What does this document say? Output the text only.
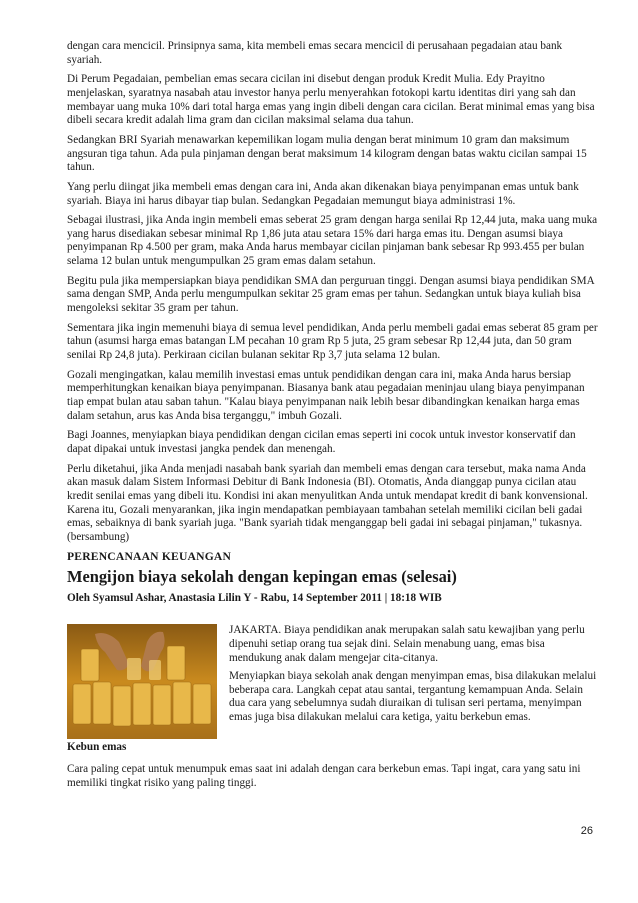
dengan cara mencicil. Prinsipnya sama, kita membeli emas secara mencicil di perusahaan pegadaian atau bank syariah.

Di Perum Pegadaian, pembelian emas secara cicilan ini disebut dengan produk Kredit Mulia. Edy Prayitno menjelaskan, syaratnya nasabah atau investor hanya perlu menyerahkan fotokopi kartu identitas diri yang sah dan membayar uang muka 10% dari total harga emas yang ingin dibeli dengan cara cicilan. Berat minimal emas yang bisa dibeli secara kredit adalah lima gram dan cicilan maksimal selama dua tahun.

Sedangkan BRI Syariah menawarkan kepemilikan logam mulia dengan berat minimum 10 gram dan maksimum angsuran tiga tahun. Ada pula pinjaman dengan berat maksimum 14 kilogram dengan batas waktu cicilan sampai 15 tahun.

Yang perlu diingat jika membeli emas dengan cara ini, Anda akan dikenakan biaya penyimpanan emas untuk bank syariah. Biaya ini harus dibayar tiap bulan. Sedangkan Pegadaian memungut biaya administrasi 1%.

Sebagai ilustrasi, jika Anda ingin membeli emas seberat 25 gram dengan harga senilai Rp 12,44 juta, maka uang muka yang harus disediakan sebesar minimal Rp 1,86 juta atau setara 15% dari harga emas itu. Dengan asumsi biaya penyimpanan Rp 4.500 per gram, maka Anda harus membayar cicilan pinjaman bank sebesar Rp 993.455 per bulan selama 12 bulan untuk mengumpulkan 25 gram emas dalam setahun.

Begitu pula jika mempersiapkan biaya pendidikan SMA dan perguruan tinggi. Dengan asumsi biaya pendidikan SMA sama dengan SMP, Anda perlu mengumpulkan sekitar 25 gram emas per tahun. Sedangkan untuk biaya kuliah bisa mengoleksi sekitar 35 gram per tahun.

Sementara jika ingin memenuhi biaya di semua level pendidikan, Anda perlu membeli gadai emas seberat 85 gram per tahun (asumsi harga emas batangan LM pecahan 10 gram Rp 5 juta, 25 gram sebesar Rp 12,44 juta, dan 50 gram senilai Rp 24,8 juta). Perkiraan cicilan bulanan sekitar Rp 3,7 juta selama 12 bulan.

Gozali mengingatkan, kalau memilih investasi emas untuk pendidikan dengan cara ini, maka Anda harus bersiap memperhitungkan kenaikan biaya penyimpanan. Biasanya bank atau pegadaian meninjau ulang biaya penyimpanan tiap empat bulan atau saban tahun. "Kalau biaya penyimpanan naik lebih besar dibandingkan kenaikan harga emas dalam setahun, arus kas Anda bisa terganggu," imbuh Gozali.

Bagi Joannes, menyiapkan biaya pendidikan dengan cicilan emas seperti ini cocok untuk investor konservatif dan dapat dipakai untuk investasi jangka pendek dan menengah.

Perlu diketahui, jika Anda menjadi nasabah bank syariah dan membeli emas dengan cara tersebut, maka nama Anda akan masuk dalam Sistem Informasi Debitur di Bank Indonesia (BI). Otomatis, Anda dianggap punya cicilan atau kredit senilai emas yang dibeli itu. Kondisi ini akan menyulitkan Anda untuk mendapat kredit di bank konvensional. Karena itu, Gozali menyarankan, jika ingin mendapatkan pembiayaan tambahan setelah memiliki cicilan beli gadai emas, sebaiknya di bank syariah juga. "Bank syariah tidak menganggap beli gadai ini sebagai pinjaman," tukasnya. (bersambung)

PERENCANAAN KEUANGAN
Mengijon biaya sekolah dengan kepingan emas (selesai)
Oleh Syamsul Ashar, Anastasia Lilin Y - Rabu, 14 September 2011 | 18:18 WIB

JAKARTA. Biaya pendidikan anak merupakan salah satu kewajiban yang perlu dipenuhi setiap orang tua sejak dini. Selain menabung uang, emas bisa mendukung anak dalam mengejar cita-citanya.

Menyiapkan biaya sekolah anak dengan menyimpan emas, bisa dilakukan melalui beberapa cara. Langkah cepat atau santai, tergantung kemampuan Anda. Selain dua cara yang sebelumnya sudah diuraikan di tulisan seri pertama, menyimpan emas juga bisa dilakukan melalui cara ketiga, yaitu berkebun emas.

Kebun emas

Cara paling cepat untuk menumpuk emas saat ini adalah dengan cara berkebun emas. Tapi ingat, cara yang satu ini memiliki tingkat risiko yang paling tinggi.

26
